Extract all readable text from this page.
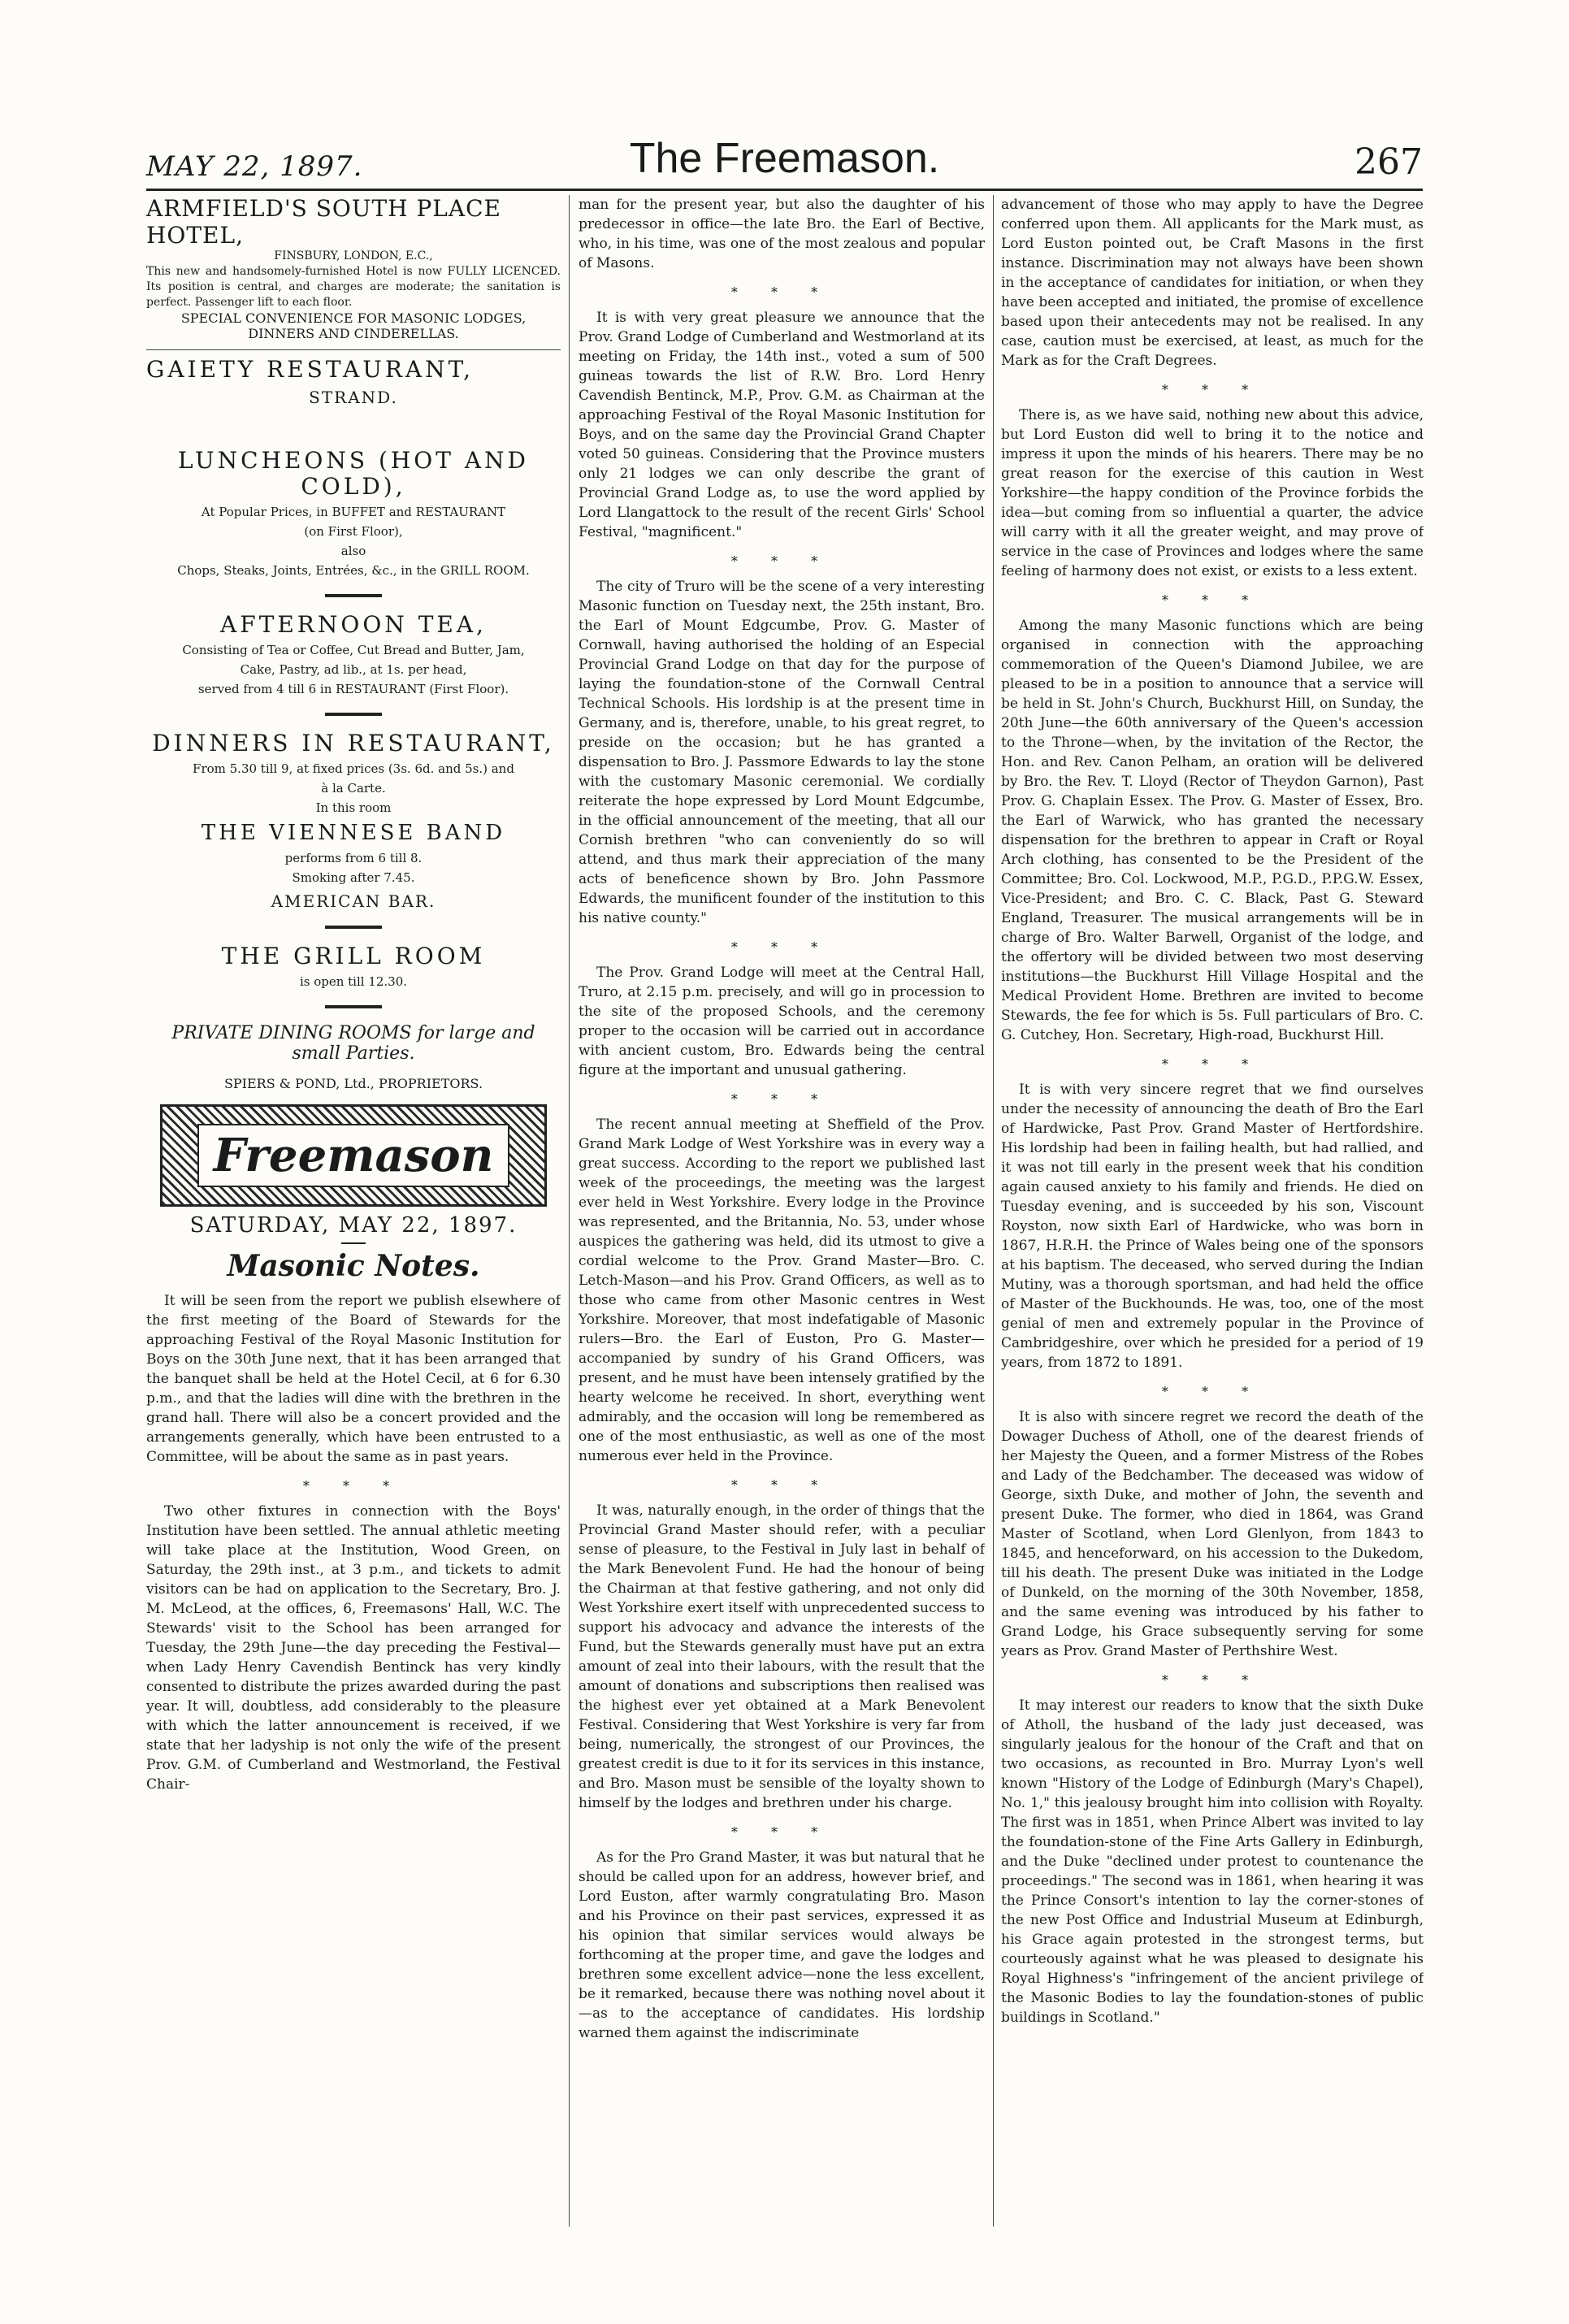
MAY 22, 1897.	The Freemason.	267
ARMFIELD'S SOUTH PLACE HOTEL,
FINSBURY, LONDON, E.C.,
This new and handsomely-furnished Hotel is now FULLY LICENCED. Its position is central, and charges are moderate; the sanitation is perfect. Passenger lift to each floor.
SPECIAL CONVENIENCE FOR MASONIC LODGES, DINNERS AND CINDERELLAS.
GAIETY RESTAURANT,
STRAND.
LUNCHEONS (HOT AND COLD),
At Popular Prices, in BUFFET and RESTAURANT
(on First Floor),
also
Chops, Steaks, Joints, Entrées, &c., in the GRILL ROOM.
AFTERNOON TEA,
Consisting of Tea or Coffee, Cut Bread and Butter, Jam,
Cake, Pastry, ad lib., at 1s. per head,
served from 4 till 6 in RESTAURANT (First Floor).
DINNERS IN RESTAURANT,
From 5.30 till 9, at fixed prices (3s. 6d. and 5s.) and
à la Carte.
In this room
THE VIENNESE BAND
performs from 6 till 8.
Smoking after 7.45.
AMERICAN BAR.
THE GRILL ROOM
is open till 12.30.
PRIVATE DINING ROOMS for large and small Parties.
SPIERS & POND, Ltd., PROPRIETORS.
Freemason
SATURDAY, MAY 22, 1897.
Masonic Notes.

It will be seen from the report we publish elsewhere of the first meeting of the Board of Stewards for the approaching Festival of the Royal Masonic Institution for Boys on the 30th June next, that it has been arranged that the banquet shall be held at the Hotel Cecil, at 6 for 6.30 p.m., and that the ladies will dine with the brethren in the grand hall. There will also be a concert provided and the arrangements generally, which have been entrusted to a Committee, will be about the same as in past years.

* * *

Two other fixtures in connection with the Boys' Institution have been settled. The annual athletic meeting will take place at the Institution, Wood Green, on Saturday, the 29th inst., at 3 p.m., and tickets to admit visitors can be had on application to the Secretary, Bro. J. M. McLeod, at the offices, 6, Freemasons' Hall, W.C. The Stewards' visit to the School has been arranged for Tuesday, the 29th June—the day preceding the Festival—when Lady Henry Cavendish Bentinck has very kindly consented to distribute the prizes awarded during the past year. It will, doubtless, add considerably to the pleasure with which the latter announcement is received, if we state that her ladyship is not only the wife of the present Prov. G.M. of Cumberland and Westmorland, the Festival Chair-

man for the present year, but also the daughter of his predecessor in office—the late Bro. the Earl of Bective, who, in his time, was one of the most zealous and popular of Masons.

* * *

It is with very great pleasure we announce that the Prov. Grand Lodge of Cumberland and Westmorland at its meeting on Friday, the 14th inst., voted a sum of 500 guineas towards the list of R.W. Bro. Lord Henry Cavendish Bentinck, M.P., Prov. G.M. as Chairman at the approaching Festival of the Royal Masonic Institution for Boys, and on the same day the Provincial Grand Chapter voted 50 guineas. Considering that the Province musters only 21 lodges we can only describe the grant of Provincial Grand Lodge as, to use the word applied by Lord Llangattock to the result of the recent Girls' School Festival, "magnificent."

* * *

The city of Truro will be the scene of a very interesting Masonic function on Tuesday next, the 25th instant, Bro. the Earl of Mount Edgcumbe, Prov. G. Master of Cornwall, having authorised the holding of an Especial Provincial Grand Lodge on that day for the purpose of laying the foundation-stone of the Cornwall Central Technical Schools. His lordship is at the present time in Germany, and is, therefore, unable, to his great regret, to preside on the occasion; but he has granted a dispensation to Bro. J. Passmore Edwards to lay the stone with the customary Masonic ceremonial. We cordially reiterate the hope expressed by Lord Mount Edgcumbe, in the official announcement of the meeting, that all our Cornish brethren "who can conveniently do so will attend, and thus mark their appreciation of the many acts of beneficence shown by Bro. John Passmore Edwards, the munificent founder of the institution to this his native county."

* * *

The Prov. Grand Lodge will meet at the Central Hall, Truro, at 2.15 p.m. precisely, and will go in procession to the site of the proposed Schools, and the ceremony proper to the occasion will be carried out in accordance with ancient custom, Bro. Edwards being the central figure at the important and unusual gathering.

* * *

The recent annual meeting at Sheffield of the Prov. Grand Mark Lodge of West Yorkshire was in every way a great success. According to the report we published last week of the proceedings, the meeting was the largest ever held in West Yorkshire. Every lodge in the Province was represented, and the Britannia, No. 53, under whose auspices the gathering was held, did its utmost to give a cordial welcome to the Prov. Grand Master—Bro. C. Letch-Mason—and his Prov. Grand Officers, as well as to those who came from other Masonic centres in West Yorkshire. Moreover, that most indefatigable of Masonic rulers—Bro. the Earl of Euston, Pro G. Master—accompanied by sundry of his Grand Officers, was present, and he must have been intensely gratified by the hearty welcome he received. In short, everything went admirably, and the occasion will long be remembered as one of the most enthusiastic, as well as one of the most numerous ever held in the Province.

* * *

It was, naturally enough, in the order of things that the Provincial Grand Master should refer, with a peculiar sense of pleasure, to the Festival in July last in behalf of the Mark Benevolent Fund. He had the honour of being the Chairman at that festive gathering, and not only did West Yorkshire exert itself with unprecedented success to support his advocacy and advance the interests of the Fund, but the Stewards generally must have put an extra amount of zeal into their labours, with the result that the amount of donations and subscriptions then realised was the highest ever yet obtained at a Mark Benevolent Festival. Considering that West Yorkshire is very far from being, numerically, the strongest of our Provinces, the greatest credit is due to it for its services in this instance, and Bro. Mason must be sensible of the loyalty shown to himself by the lodges and brethren under his charge.

* * *

As for the Pro Grand Master, it was but natural that he should be called upon for an address, however brief, and Lord Euston, after warmly congratulating Bro. Mason and his Province on their past services, expressed it as his opinion that similar services would always be forthcoming at the proper time, and gave the lodges and brethren some excellent advice—none the less excellent, be it remarked, because there was nothing novel about it—as to the acceptance of candidates. His lordship warned them against the indiscriminate

advancement of those who may apply to have the Degree conferred upon them. All applicants for the Mark must, as Lord Euston pointed out, be Craft Masons in the first instance. Discrimination may not always have been shown in the acceptance of candidates for initiation, or when they have been accepted and initiated, the promise of excellence based upon their antecedents may not be realised. In any case, caution must be exercised, at least, as much for the Mark as for the Craft Degrees.

* * *

There is, as we have said, nothing new about this advice, but Lord Euston did well to bring it to the notice and impress it upon the minds of his hearers. There may be no great reason for the exercise of this caution in West Yorkshire—the happy condition of the Province forbids the idea—but coming from so influential a quarter, the advice will carry with it all the greater weight, and may prove of service in the case of Provinces and lodges where the same feeling of harmony does not exist, or exists to a less extent.

* * *

Among the many Masonic functions which are being organised in connection with the approaching commemoration of the Queen's Diamond Jubilee, we are pleased to be in a position to announce that a service will be held in St. John's Church, Buckhurst Hill, on Sunday, the 20th June—the 60th anniversary of the Queen's accession to the Throne—when, by the invitation of the Rector, the Hon. and Rev. Canon Pelham, an oration will be delivered by Bro. the Rev. T. Lloyd (Rector of Theydon Garnon), Past Prov. G. Chaplain Essex. The Prov. G. Master of Essex, Bro. the Earl of Warwick, who has granted the necessary dispensation for the brethren to appear in Craft or Royal Arch clothing, has consented to be the President of the Committee; Bro. Col. Lockwood, M.P., P.G.D., P.P.G.W. Essex, Vice-President; and Bro. C. C. Black, Past G. Steward England, Treasurer. The musical arrangements will be in charge of Bro. Walter Barwell, Organist of the lodge, and the offertory will be divided between two most deserving institutions—the Buckhurst Hill Village Hospital and the Medical Provident Home. Brethren are invited to become Stewards, the fee for which is 5s. Full particulars of Bro. C. G. Cutchey, Hon. Secretary, High-road, Buckhurst Hill.

* * *

It is with very sincere regret that we find ourselves under the necessity of announcing the death of Bro the Earl of Hardwicke, Past Prov. Grand Master of Hertfordshire. His lordship had been in failing health, but had rallied, and it was not till early in the present week that his condition again caused anxiety to his family and friends. He died on Tuesday evening, and is succeeded by his son, Viscount Royston, now sixth Earl of Hardwicke, who was born in 1867, H.R.H. the Prince of Wales being one of the sponsors at his baptism. The deceased, who served during the Indian Mutiny, was a thorough sportsman, and had held the office of Master of the Buckhounds. He was, too, one of the most genial of men and extremely popular in the Province of Cambridgeshire, over which he presided for a period of 19 years, from 1872 to 1891.

* * *

It is also with sincere regret we record the death of the Dowager Duchess of Atholl, one of the dearest friends of her Majesty the Queen, and a former Mistress of the Robes and Lady of the Bedchamber. The deceased was widow of George, sixth Duke, and mother of John, the seventh and present Duke. The former, who died in 1864, was Grand Master of Scotland, when Lord Glenlyon, from 1843 to 1845, and henceforward, on his accession to the Dukedom, till his death. The present Duke was initiated in the Lodge of Dunkeld, on the morning of the 30th November, 1858, and the same evening was introduced by his father to Grand Lodge, his Grace subsequently serving for some years as Prov. Grand Master of Perthshire West.

* * *

It may interest our readers to know that the sixth Duke of Atholl, the husband of the lady just deceased, was singularly jealous for the honour of the Craft and that on two occasions, as recounted in Bro. Murray Lyon's well known "History of the Lodge of Edinburgh (Mary's Chapel), No. 1," this jealousy brought him into collision with Royalty. The first was in 1851, when Prince Albert was invited to lay the foundation-stone of the Fine Arts Gallery in Edinburgh, and the Duke "declined under protest to countenance the proceedings." The second was in 1861, when hearing it was the Prince Consort's intention to lay the corner-stones of the new Post Office and Industrial Museum at Edinburgh, his Grace again protested in the strongest terms, but courteously against what he was pleased to designate his Royal Highness's "infringement of the ancient privilege of the Masonic Bodies to lay the foundation-stones of public buildings in Scotland."
